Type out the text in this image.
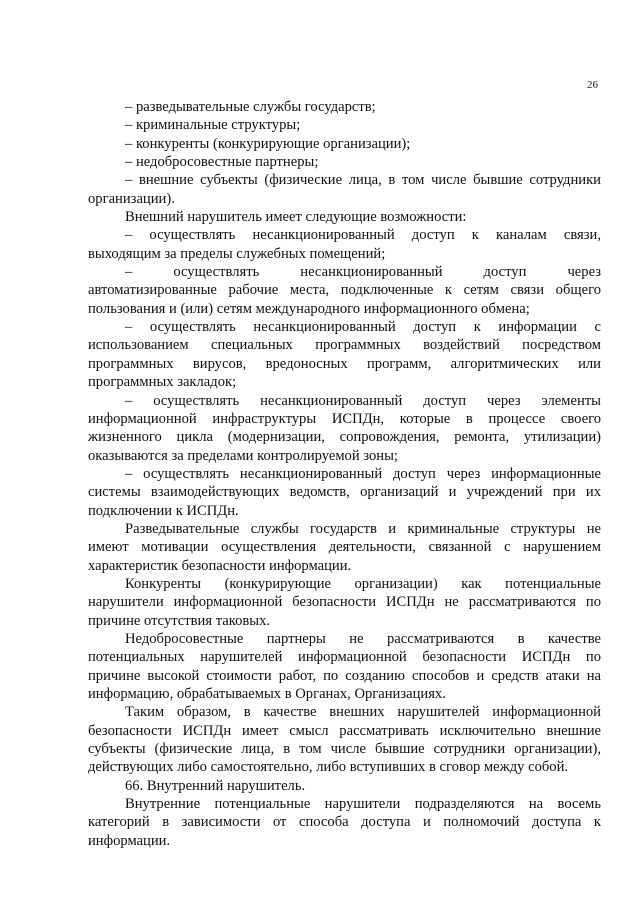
26
– разведывательные службы государств;
– криминальные структуры;
– конкуренты (конкурирующие организации);
– недобросовестные партнеры;
– внешние субъекты (физические лица, в том числе бывшие сотрудники
организации).
Внешний нарушитель имеет следующие возможности:
– осуществлять несанкционированный доступ к каналам связи,
выходящим за пределы служебных помещений;
– осуществлять несанкционированный доступ через
автоматизированные рабочие места, подключенные к сетям связи общего
пользования и (или) сетям международного информационного обмена;
– осуществлять несанкционированный доступ к информации с
использованием специальных программных воздействий посредством
программных вирусов, вредоносных программ, алгоритмических или
программных закладок;
– осуществлять несанкционированный доступ через элементы
информационной инфраструктуры ИСПДн, которые в процессе своего
жизненного цикла (модернизации, сопровождения, ремонта, утилизации)
оказываются за пределами контролируемой зоны;
– осуществлять несанкционированный доступ через информационные
системы взаимодействующих ведомств, организаций и учреждений при их
подключении к ИСПДн.
Разведывательные службы государств и криминальные структуры не
имеют мотивации осуществления деятельности, связанной с нарушением
характеристик безопасности информации.
Конкуренты (конкурирующие организации) как потенциальные
нарушители информационной безопасности ИСПДн не рассматриваются по
причине отсутствия таковых.
Недобросовестные партнеры не рассматриваются в качестве
потенциальных нарушителей информационной безопасности ИСПДн по
причине высокой стоимости работ, по созданию способов и средств атаки на
информацию, обрабатываемых в Органах, Организациях.
Таким образом, в качестве внешних нарушителей информационной
безопасности ИСПДн имеет смысл рассматривать исключительно внешние
субъекты (физические лица, в том числе бывшие сотрудники организации),
действующих либо самостоятельно, либо вступивших в сговор между собой.
66. Внутренний нарушитель.
Внутренние потенциальные нарушители подразделяются на восемь
категорий в зависимости от способа доступа и полномочий доступа к
информации.
